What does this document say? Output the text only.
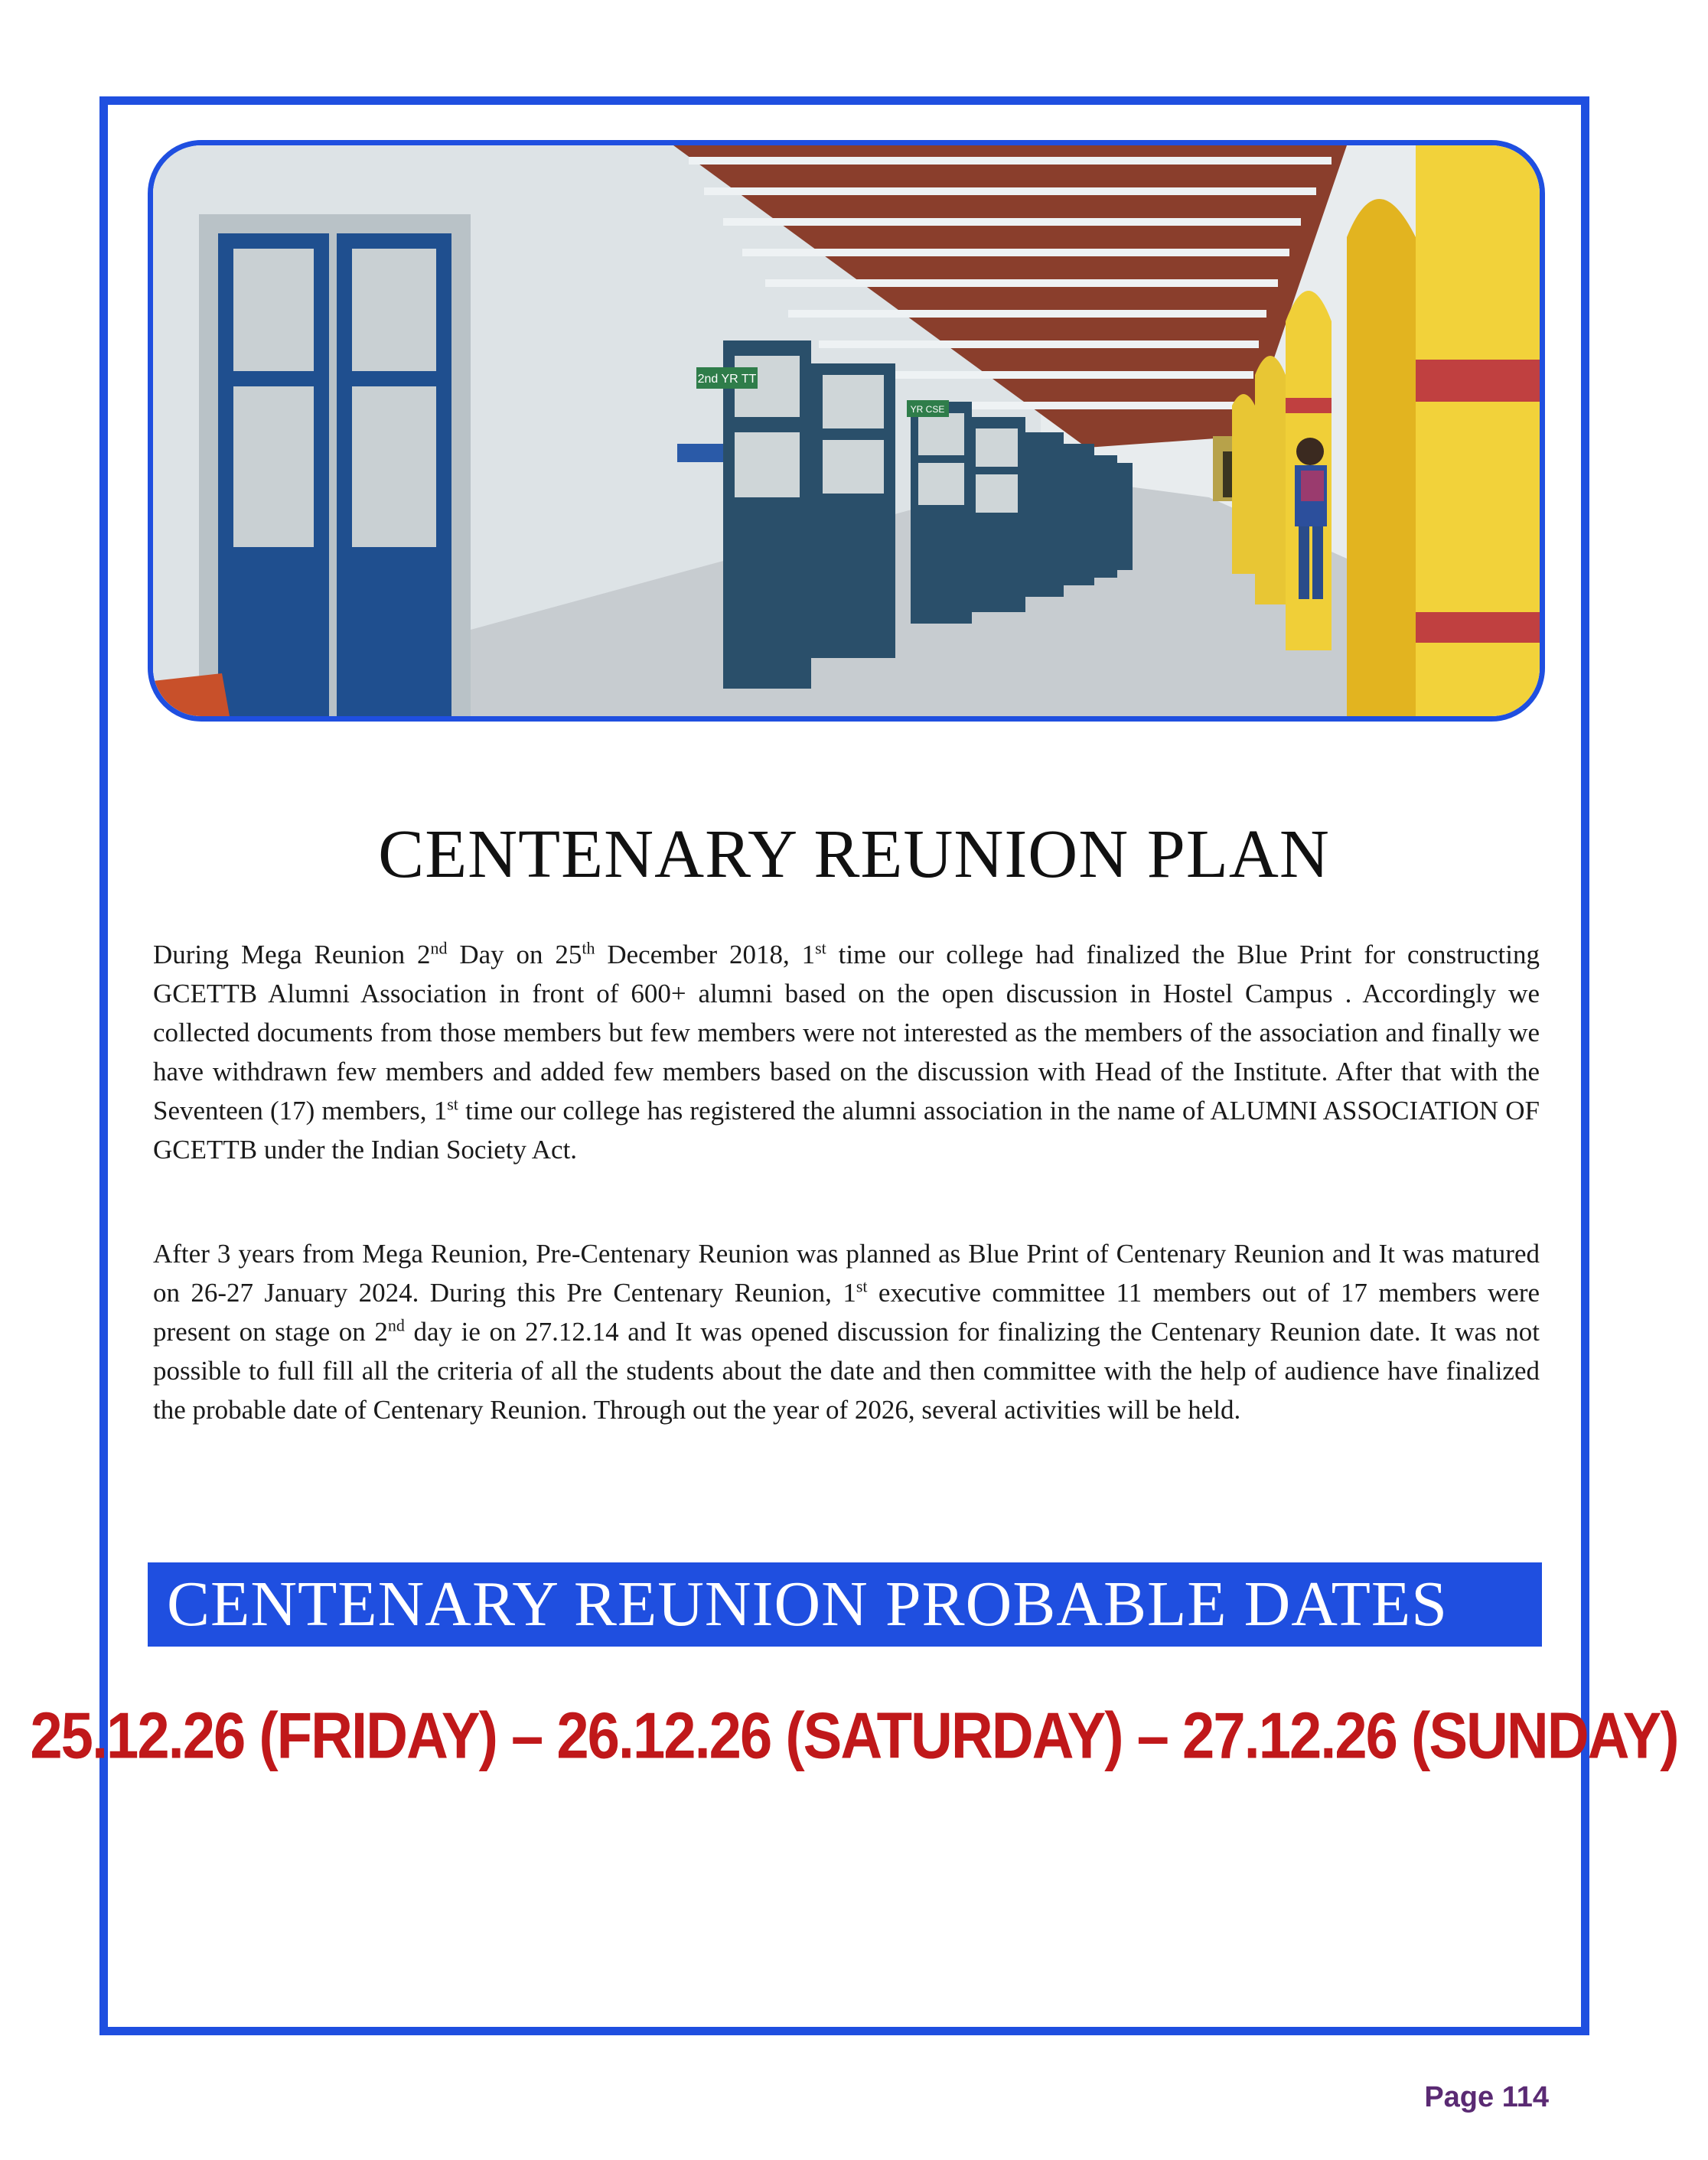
2nd YR TT
YR CSE
CENTENARY REUNION PLAN
During Mega Reunion 2nd Day on 25th December 2018, 1st time our college had finalized the Blue Print for constructing GCETTB Alumni Association in front of 600+ alumni based on the open discussion in Hostel Campus . Accordingly we collected documents from those members but few members were not interested as the members of the association and finally we have withdrawn few members and added few members based on the discussion with Head of the Institute. After that with the Seventeen (17) members, 1st time our college has registered the alumni association in the name of ALUMNI ASSOCIATION OF GCETTB under the Indian Society Act.
After 3 years from Mega Reunion, Pre-Centenary Reunion was planned as Blue Print of Centenary Reunion and It was matured on 26-27 January 2024. During this Pre Centenary Reunion, 1st executive committee 11 members out of 17 members were present on stage on 2nd day ie on 27.12.14 and It was opened discussion for finalizing the Centenary Reunion date. It was not possible to full fill all the criteria of all the students about the date and then committee with the help of audience have finalized the probable date of Centenary Reunion. Through out the year of 2026, several activities will be held.
CENTENARY REUNION PROBABLE DATES
25.12.26 (FRIDAY) – 26.12.26 (SATURDAY) – 27.12.26 (SUNDAY)
Page 114
